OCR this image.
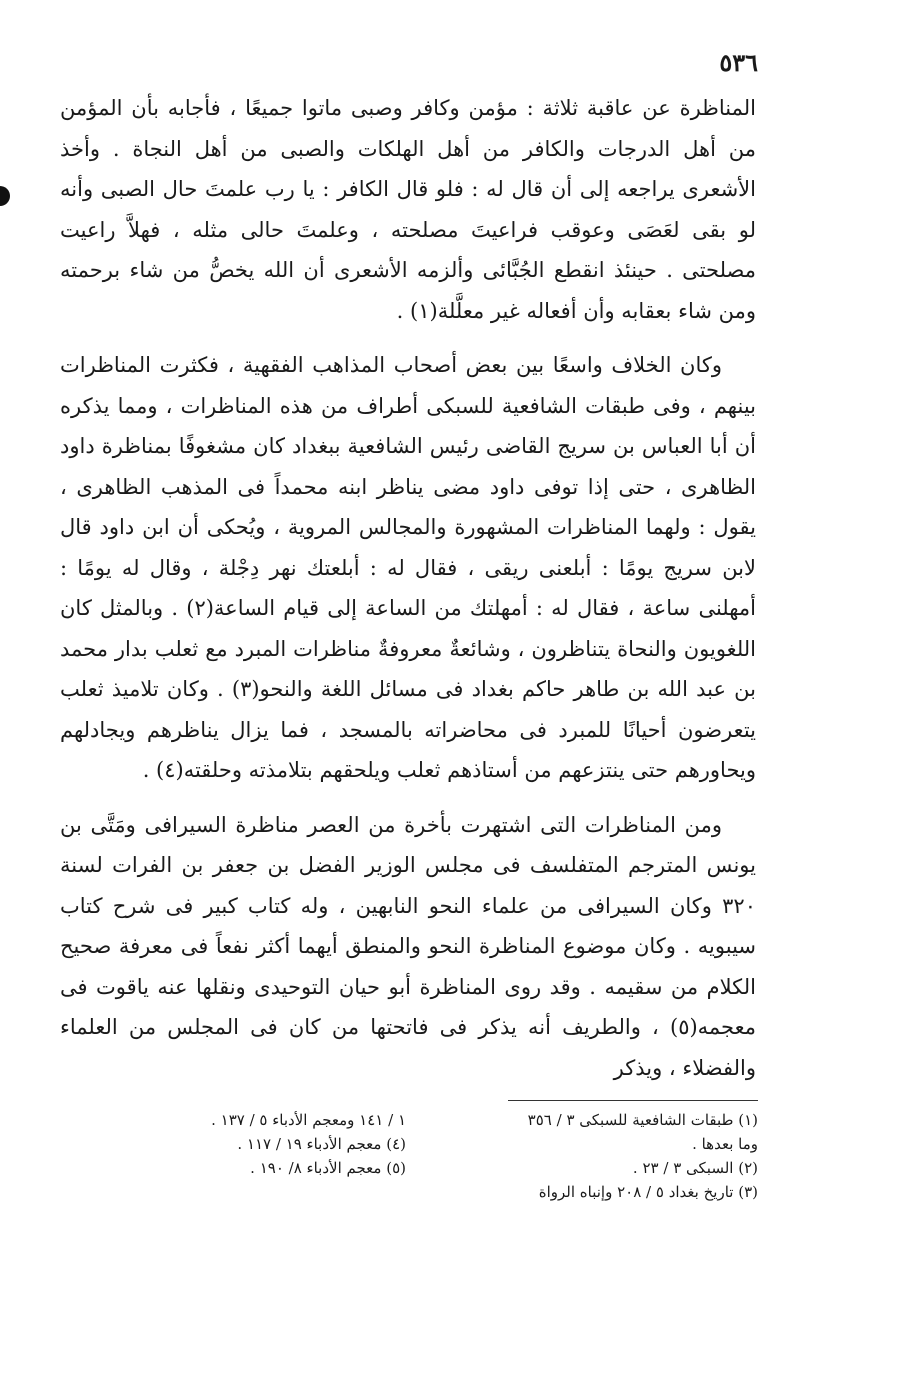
٥٣٦

المناظرة عن عاقبة ثلاثة : مؤمن وكافر وصبى ماتوا جميعًا ، فأجابه بأن المؤمن من أهل الدرجات والكافر من أهل الهلكات والصبى من أهل النجاة . وأخذ الأشعرى يراجعه إلى أن قال له : فلو قال الكافر : يا رب علمتَ حال الصبى وأنه لو بقى لعَصَى وعوقب فراعيتَ مصلحته ، وعلمتَ حالى مثله ، فهلاَّ راعيت مصلحتى . حينئذ انقطع الجُبَّائى وألزمه الأشعرى أن الله يخصُّ من شاء برحمته ومن شاء بعقابه وأن أفعاله غير معلَّلة(١) .

وكان الخلاف واسعًا بين بعض أصحاب المذاهب الفقهية ، فكثرت المناظرات بينهم ، وفى طبقات الشافعية للسبكى أطراف من هذه المناظرات ، ومما يذكره أن أبا العباس بن سريج القاضى رئيس الشافعية ببغداد كان مشغوفًا بمناظرة داود الظاهرى ، حتى إذا توفى داود مضى يناظر ابنه محمداً فى المذهب الظاهرى ، يقول : ولهما المناظرات المشهورة والمجالس المروية ، ويُحكى أن ابن داود قال لابن سريج يومًا : أبلعنى ريقى ، فقال له : أبلعتك نهر دِجْلة ، وقال له يومًا : أمهلنى ساعة ، فقال له : أمهلتك من الساعة إلى قيام الساعة(٢) . وبالمثل كان اللغويون والنحاة يتناظرون ، وشائعةٌ معروفةٌ مناظرات المبرد مع ثعلب بدار محمد بن عبد الله بن طاهر حاكم بغداد فى مسائل اللغة والنحو(٣) . وكان تلاميذ ثعلب يتعرضون أحيانًا للمبرد فى محاضراته بالمسجد ، فما يزال يناظرهم ويجادلهم ويحاورهم حتى ينتزعهم من أستاذهم ثعلب ويلحقهم بتلامذته وحلقته(٤) .

ومن المناظرات التى اشتهرت بأخرة من العصر مناظرة السيرافى ومَتَّى بن يونس المترجم المتفلسف فى مجلس الوزير الفضل بن جعفر بن الفرات لسنة ٣٢٠ وكان السيرافى من علماء النحو النابهين ، وله كتاب كبير فى شرح كتاب سيبويه . وكان موضوع المناظرة النحو والمنطق أيهما أكثر نفعاً فى معرفة صحيح الكلام من سقيمه . وقد روى المناظرة أبو حيان التوحيدى ونقلها عنه ياقوت فى معجمه(٥) ، والطريف أنه يذكر فى فاتحتها من كان فى المجلس من العلماء والفضلاء ، ويذكر

(١) طبقات الشافعية للسبكى ٣ / ٣٥٦
وما بعدها .
(٢) السبكى ٣ / ٢٣ .
(٣) تاريخ بغداد ٥ / ٢٠٨ وإنباه الرواة
١ / ١٤١ ومعجم الأدباء ٥ / ١٣٧ .
(٤) معجم الأدباء ١٩ / ١١٧ .
(٥) معجم الأدباء ٨/ ١٩٠ .
